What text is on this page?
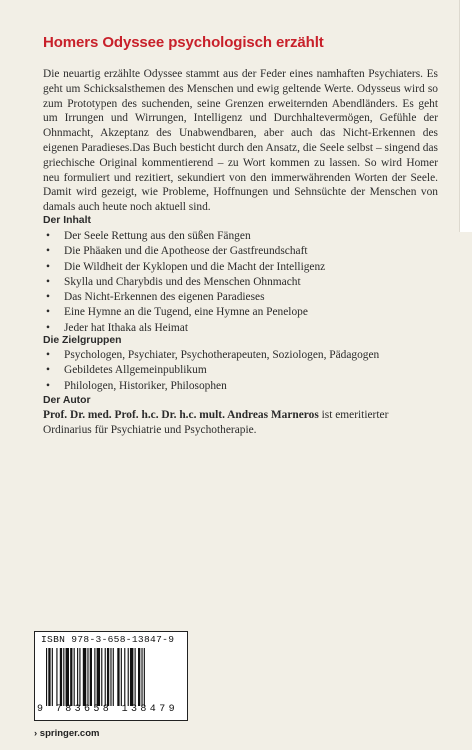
Homers Odyssee psychologisch erzählt
Die neuartig erzählte Odyssee stammt aus der Feder eines namhaften Psychiaters. Es geht um Schicksalsthemen des Menschen und ewig geltende Werte. Odysseus wird so zum Prototypen des suchenden, seine Grenzen erweiternden Abendländers. Es geht um Irrungen und Wirrungen, Intelligenz und Durchhaltevermögen, Gefühle der Ohnmacht, Akzeptanz des Unabwendbaren, aber auch das Nicht-Erkennen des eigenen Paradieses.Das Buch besticht durch den Ansatz, die Seele selbst – singend das griechische Original kommentierend – zu Wort kommen zu lassen. So wird Homer neu formuliert und rezitiert, sekundiert von den immerwährenden Worten der Seele. Damit wird gezeigt, wie Probleme, Hoffnungen und Sehnsüchte der Menschen von damals auch heute noch aktuell sind.
Der Inhalt
• Der Seele Rettung aus den süßen Fängen
• Die Phäaken und die Apotheose der Gastfreundschaft
• Die Wildheit der Kyklopen und die Macht der Intelligenz
• Skylla und Charybdis und des Menschen Ohnmacht
• Das Nicht-Erkennen des eigenen Paradieses
• Eine Hymne an die Tugend, eine Hymne an Penelope
• Jeder hat Ithaka als Heimat
Die Zielgruppen
• Psychologen, Psychiater, Psychotherapeuten, Soziologen, Pädagogen
• Gebildetes Allgemeinpublikum
• Philologen, Historiker, Philosophen
Der Autor
Prof. Dr. med. Prof. h.c. Dr. h.c. mult. Andreas Marneros ist emeritierter Ordinarius für Psychiatrie und Psychotherapie.
ISBN 978-3-658-13847-9
9 783658 138479
› springer.com
